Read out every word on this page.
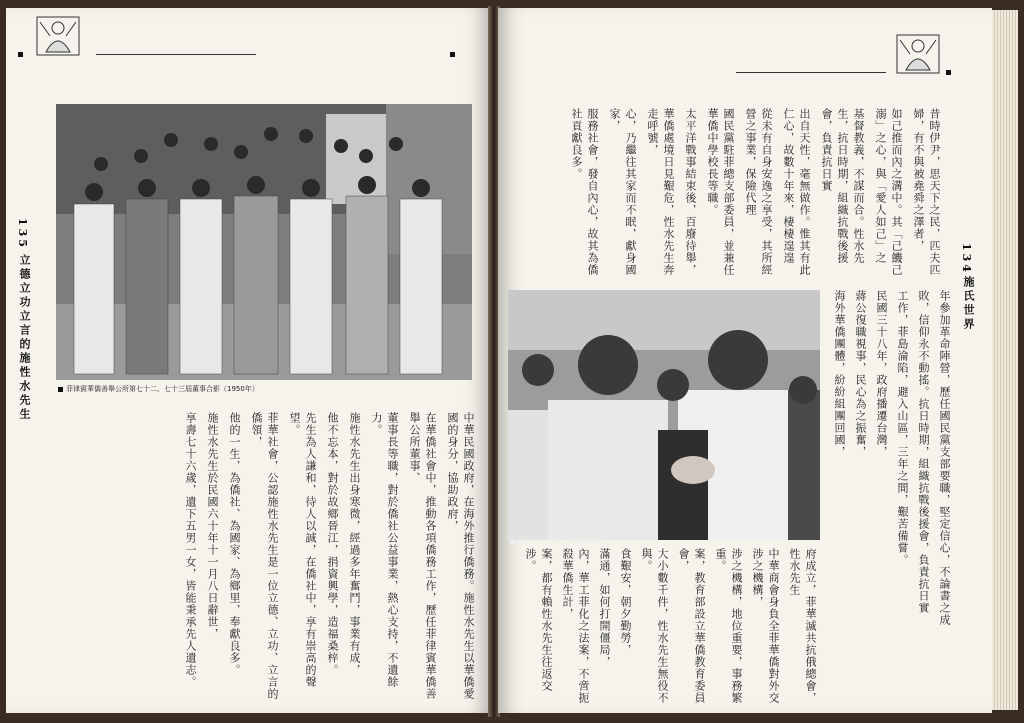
135
立德立功立言的施性水先生	菲律賓華僑善舉公所第七十二、七十三屆董事合影（1950年）
中華民國政府，在海外推行僑務。施性水先生以華僑愛國的身分，協助政府，
在華僑社會中，推動各項僑務工作，歷任菲律賓華僑善舉公所董事、
董事長等職，對於僑社公益事業，熱心支持，不遺餘力。
施性水先生出身寒微，經過多年奮鬥，事業有成，
他不忘本，對於故鄉晉江，捐資興學，造福桑梓。
先生為人謙和，待人以誠，在僑社中，享有崇高的聲望。
菲華社會，公認施性水先生是一位立德、立功、立言的僑領，
他的一生，為僑社、為國家、為鄉里，奉獻良多。
施性水先生於民國六十年十一月八日辭世，
享壽七十六歲，遺下五男一女，皆能秉承先人遺志。
134
施氏世界
昔時伊尹，思天下之民，匹夫匹婦，有不與被堯舜之澤者，
如己推而內之溝中。其「己饑己溺」之心，與「愛人如己」之
基督教義，不謀而合。性水先生，抗日時期，組織抗戰後援會，負責抗日實
出自天性，毫無做作。惟其有此仁心，故數十年來，棲棲遑遑
從未有自身安逸之享受，其所經營之事業，保險代理
國民黨駐菲總支部委員，並兼任華僑中學校長等職。
太平洋戰事結束後，百廢待舉，
華僑處境日見艱危，性水先生奔走呼號，
心，乃繼往其家而不眠，獻身國家，
服務社會，發自內心，故其為僑社貢獻良多。
施性水先生與菲律賓總統握手	年參加革命陣營，歷任國民黨支部要職，堅定信心，不論書之成
敗，信仰永不動搖。抗日時期，組織抗戰後援會，負責抗日實
工作，菲島淪陷，避入山區，三年之間，艱苦備嘗。
民國三十八年，政府播遷台灣，
蔣公復職視事，民心為之振奮，
海外華僑團體，紛紛組團回國，
府成立，菲華滅共抗俄總會，性水先生
中華商會身負全菲華僑對外交涉之機構，
涉之機構，地位重要，事務繁重。
案，教育部設立華僑教育委員會，
大小數千件，性水先生無役不與。
食艱安，朝夕勤勞，
滿通，如何打開僵局，
內，華工菲化之法案，不啻扼殺華僑生計，
案，都有賴性水先生往返交涉。
